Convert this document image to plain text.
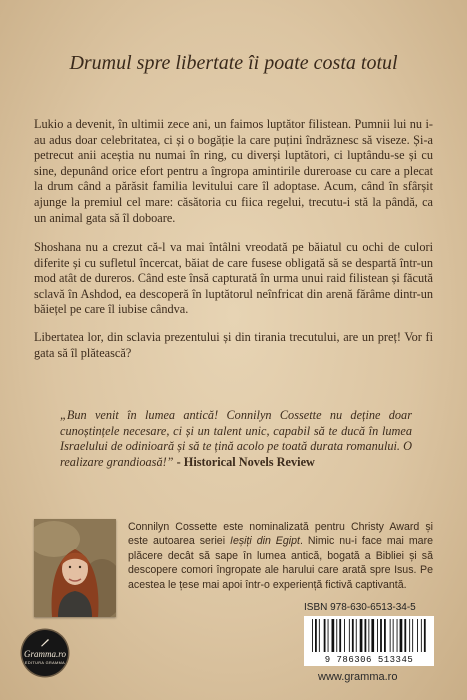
Drumul spre libertate îi poate costa totul

Lukio a devenit, în ultimii zece ani, un faimos luptător filistean. Pumnii lui nu i-au adus doar celebritatea, ci și o bogăție la care puțini îndrăznesc să viseze. Și-a petrecut anii aceștia nu numai în ring, cu diverși luptători, ci luptându-se și cu sine, depunând orice efort pentru a îngropa amintirile dureroase cu care a plecat la drum când a părăsit familia levitului care îl adoptase. Acum, când în sfârșit ajunge la premiul cel mare: căsătoria cu fiica regelui, trecutu-i stă la pândă, ca un animal gata să îl doboare.

Shoshana nu a crezut că-l va mai întâlni vreodată pe băiatul cu ochi de culori diferite și cu sufletul încercat, băiat de care fusese obligată să se despartă într-un mod atât de dureros. Când este însă capturată în urma unui raid filistean și făcută sclavă în Ashdod, ea descoperă în luptătorul neînfricat din arenă fărâme dintr-un băiețel pe care îl iubise cândva.

Libertatea lor, din sclavia prezentului și din tirania trecutului, are un preț! Vor fi gata să îl plătească?

„Bun venit în lumea antică! Connilyn Cossette nu deține doar cunoștințele necesare, ci și un talent unic, capabil să te ducă în lumea Israelului de odinioară și să te țină acolo pe toată durata romanului. O realizare grandioasă!” - Historical Novels Review

Connilyn Cossette este nominalizată pentru Christy Award și este autoarea seriei Ieșiți din Egipt. Nimic nu-i face mai mare plăcere decât să sape în lumea antică, bogată a Bibliei și să descopere comori îngropate ale harului care arată spre Isus. Pe acestea le țese mai apoi într-o experiență fictivă captivantă.

Gramma.ro
EDITURA GRAMMA
ISBN 978-630-6513-34-5
9 786306 513345
www.gramma.ro
